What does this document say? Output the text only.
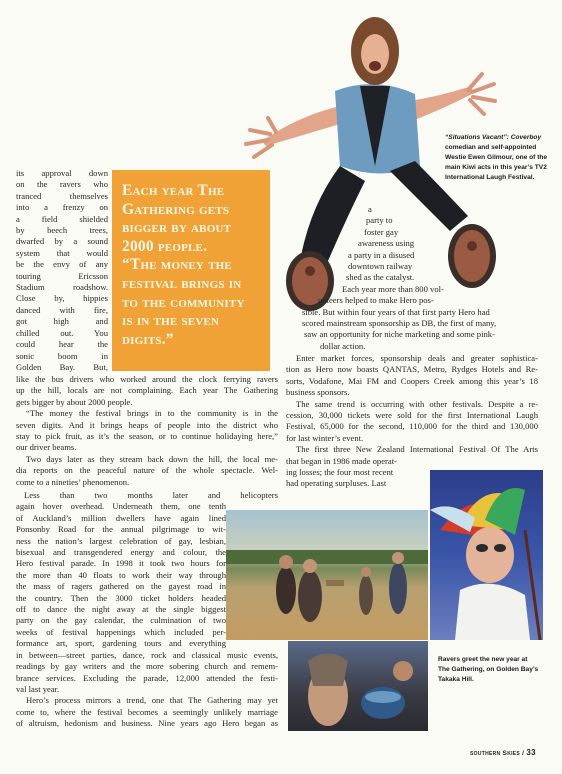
“Situations Vacant”: Coverboy
comedian and self-appointed
Westie Ewen Gilmour, one of the
main Kiwi acts in this year’s TV2
International Laugh Festival.
Each year The
Gathering gets
bigger by about
2000 people.
“The money the
festival brings in
to the community
is in the seven
digits.”
its approval down
on the ravers who
tranced themselves
into a frenzy on
a field shielded
by beech trees,
dwarfed by a sound
system that would
be the envy of any
touring Ericsson
Stadium roadshow.
Close by, hippies
danced with fire,
got high and
chilled out. You
could hear the
sonic boom in
Golden Bay. But,
a
party to
foster gay
awareness using
a party in a disused
downtown railway
shed as the catalyst.
Each year more than 800 vol-
unteers helped to make Hero pos-
sible. But within four years of that first party Hero had
scored mainstream sponsorship as DB, the first of many,
saw an opportunity for niche marketing and some pink-
dollar action.
Enter market forces, sponsorship deals and greater sophistica-
tion as Hero now boasts QANTAS, Metro, Rydges Hotels and Re-
sorts, Vodafone, Mai FM and Coopers Creek among this year’s 18
business sponsors.
The same trend is occurring with other festivals. Despite a re-
cession, 30,000 tickets were sold for the first International Laugh
Festival, 65,000 for the second, 110,000 for the third and 130,000
for last winter’s event.
The first three New Zealand International Festival Of The Arts
that began in 1986 made operat-
ing losses; the four most recent
had operating surpluses. Last
like the bus drivers who worked around the clock ferrying ravers
up the hill, locals are not complaining. Each year The Gathering
gets bigger by about 2000 people.
“The money the festival brings in to the community is in the
seven digits. And it brings heaps of people into the district who
stay to pick fruit, as it’s the season, or to continue holidaying here,”
our driver beams.
Two days later as they stream back down the hill, the local me-
dia reports on the peaceful nature of the whole spectacle. Wel-
come to a nineties’ phenomenon.
Less than two months later and helicopters
again hover overhead. Underneath them, one tenth
of Auckland’s million dwellers have again lined
Ponsonby Road for the annual pilgrimage to wit-
ness the nation’s largest celebration of gay, lesbian,
bisexual and transgendered energy and colour, the
Hero festival parade. In 1998 it took two hours for
the more than 40 floats to work their way through
the mass of ragers gathered on the gayest road in
the country. Then the 3000 ticket holders headed
off to dance the night away at the single biggest
party on the gay calendar, the culmination of two
weeks of festival happenings which included per-
formance art, sport, gardening tours and everything
in between—street parties, dance, rock and classical music events,
readings by gay writers and the more sobering church and remem-
brance services. Excluding the parade, 12,000 attended the festi-
val last year.
Hero’s process mirrors a trend, one that The Gathering may yet
come to, where the festival becomes a seemingly unlikely marriage
of altruism, hedonism and business. Nine years ago Hero began as
Ravers greet the new year at
The Gathering, on Golden Bay’s
Takaka Hill.
southern Skies / 33
